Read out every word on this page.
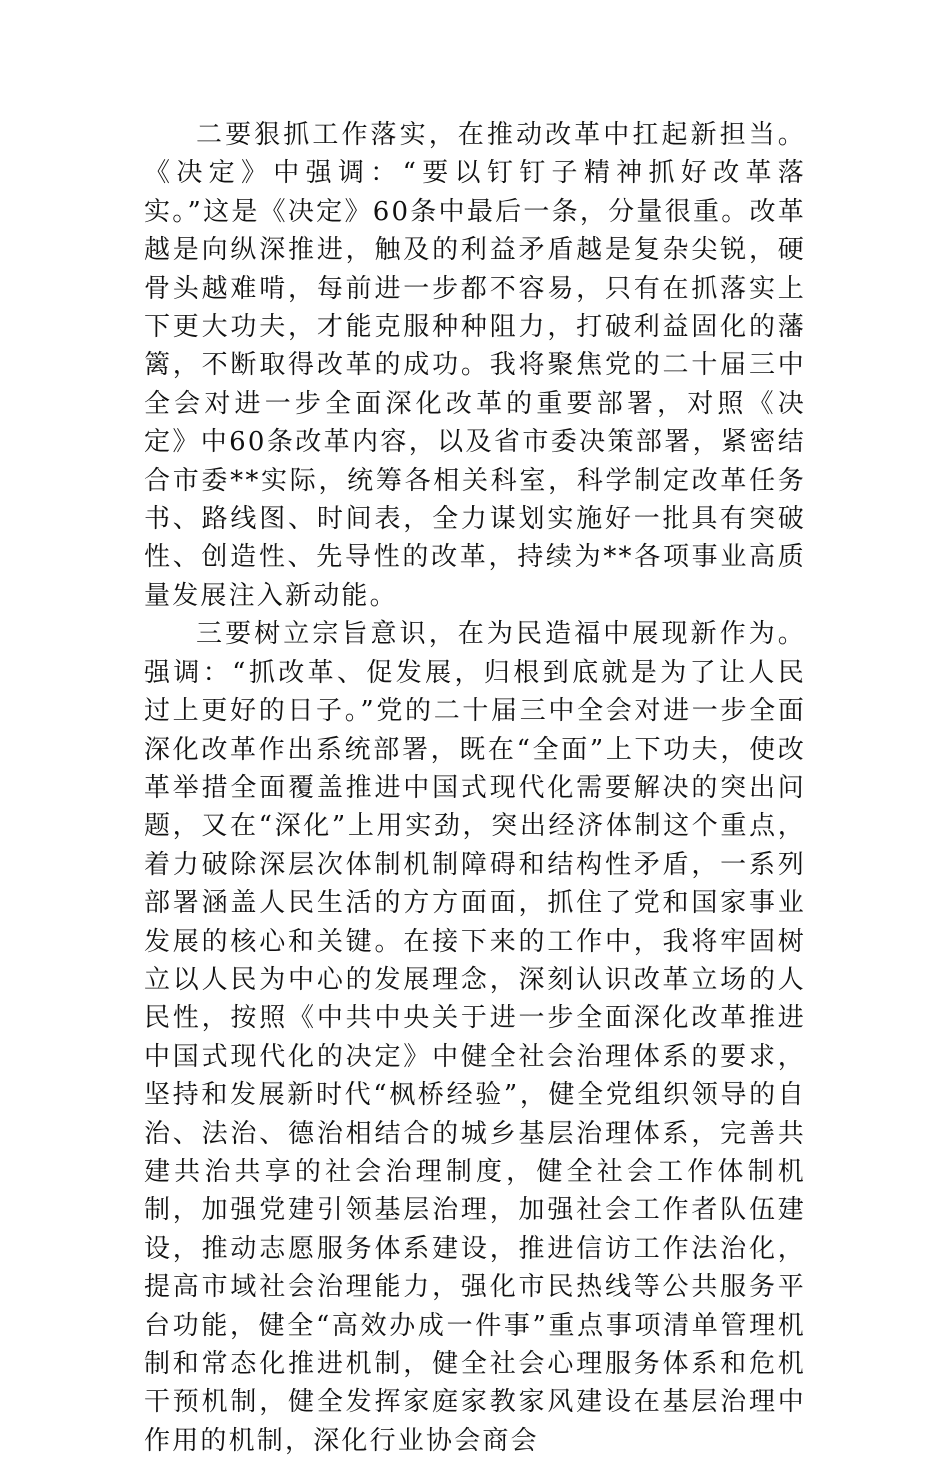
二要狠抓工作落实，在推动改革中扛起新担当。《决定》中强调：“要以钉钉子精神抓好改革落实。”这是《决定》60条中最后一条，分量很重。改革越是向纵深推进，触及的利益矛盾越是复杂尖锐，硬骨头越难啃，每前进一步都不容易，只有在抓落实上下更大功夫，才能克服种种阻力，打破利益固化的藩篱，不断取得改革的成功。我将聚焦党的二十届三中全会对进一步全面深化改革的重要部署，对照《决定》中60条改革内容，以及省市委决策部署，紧密结合市委**实际，统筹各相关科室，科学制定改革任务书、路线图、时间表，全力谋划实施好一批具有突破性、创造性、先导性的改革，持续为**各项事业高质量发展注入新动能。

三要树立宗旨意识，在为民造福中展现新作为。强调：“抓改革、促发展，归根到底就是为了让人民过上更好的日子。”党的二十届三中全会对进一步全面深化改革作出系统部署，既在“全面”上下功夫，使改革举措全面覆盖推进中国式现代化需要解决的突出问题，又在“深化”上用实劲，突出经济体制这个重点，着力破除深层次体制机制障碍和结构性矛盾，一系列部署涵盖人民生活的方方面面，抓住了党和国家事业发展的核心和关键。在接下来的工作中，我将牢固树立以人民为中心的发展理念，深刻认识改革立场的人民性，按照《中共中央关于进一步全面深化改革推进中国式现代化的决定》中健全社会治理体系的要求，坚持和发展新时代“枫桥经验”，健全党组织领导的自治、法治、德治相结合的城乡基层治理体系，完善共建共治共享的社会治理制度，健全社会工作体制机制，加强党建引领基层治理，加强社会工作者队伍建设，推动志愿服务体系建设，推进信访工作法治化，提高市域社会治理能力，强化市民热线等公共服务平台功能，健全“高效办成一件事”重点事项清单管理机制和常态化推进机制，健全社会心理服务体系和危机干预机制，健全发挥家庭家教家风建设在基层治理中作用的机制，深化行业协会商会
